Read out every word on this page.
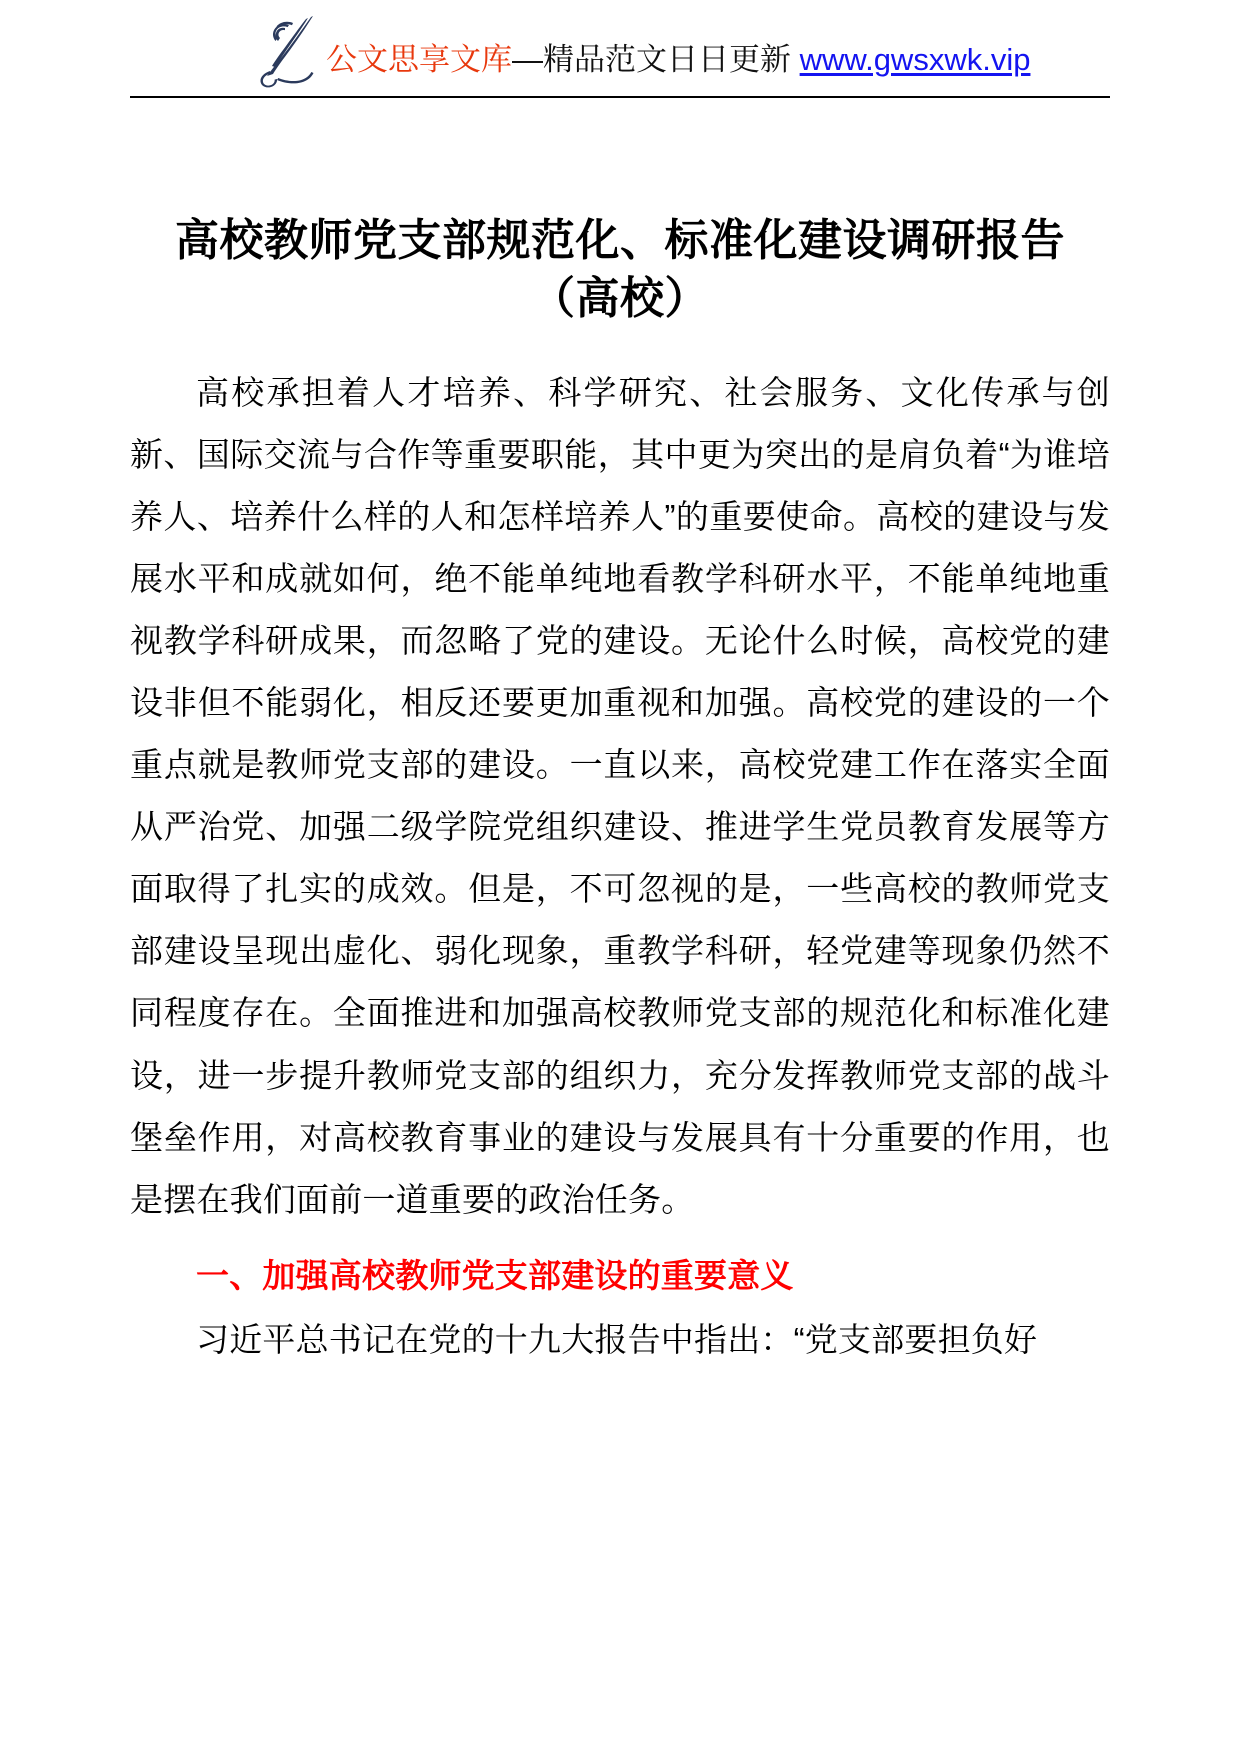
公文思享文库—精品范文日日更新 www.gwsxwk.vip
高校教师党支部规范化、标准化建设调研报告
（高校）

高校承担着人才培养、科学研究、社会服务、文化传承与创新、国际交流与合作等重要职能，其中更为突出的是肩负着“为谁培养人、培养什么样的人和怎样培养人”的重要使命。高校的建设与发展水平和成就如何，绝不能单纯地看教学科研水平，不能单纯地重视教学科研成果，而忽略了党的建设。无论什么时候，高校党的建设非但不能弱化，相反还要更加重视和加强。高校党的建设的一个重点就是教师党支部的建设。一直以来，高校党建工作在落实全面从严治党、加强二级学院党组织建设、推进学生党员教育发展等方面取得了扎实的成效。但是，不可忽视的是，一些高校的教师党支部建设呈现出虚化、弱化现象，重教学科研，轻党建等现象仍然不同程度存在。全面推进和加强高校教师党支部的规范化和标准化建设，进一步提升教师党支部的组织力，充分发挥教师党支部的战斗堡垒作用，对高校教育事业的建设与发展具有十分重要的作用，也是摆在我们面前一道重要的政治任务。

一、加强高校教师党支部建设的重要意义

习近平总书记在党的十九大报告中指出：“党支部要担负好
